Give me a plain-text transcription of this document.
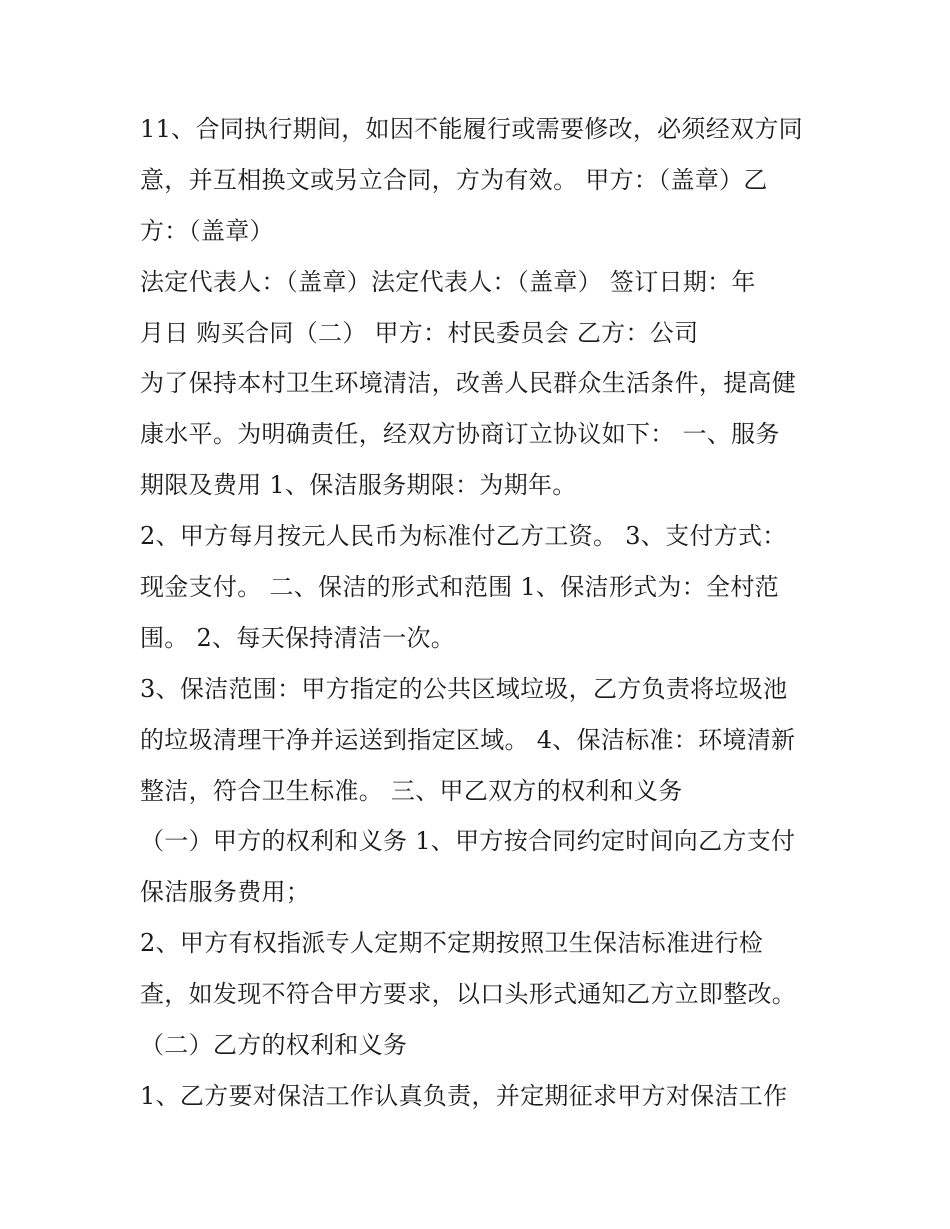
11、合同执行期间，如因不能履行或需要修改，必须经双方同
意，并互相换文或另立合同，方为有效。 甲方：（盖章）乙
方：（盖章）
法定代表人：（盖章）法定代表人：（盖章） 签订日期：年
月日 购买合同（二） 甲方：村民委员会 乙方：公司
为了保持本村卫生环境清洁，改善人民群众生活条件，提高健
康水平。为明确责任，经双方协商订立协议如下： 一、服务
期限及费用 1、保洁服务期限：为期年。
2、甲方每月按元人民币为标准付乙方工资。 3、支付方式：
现金支付。 二、保洁的形式和范围 1、保洁形式为：全村范
围。 2、每天保持清洁一次。
3、保洁范围：甲方指定的公共区域垃圾，乙方负责将垃圾池
的垃圾清理干净并运送到指定区域。 4、保洁标准：环境清新
整洁，符合卫生标准。 三、甲乙双方的权利和义务
（一）甲方的权利和义务 1、甲方按合同约定时间向乙方支付
保洁服务费用；
2、甲方有权指派专人定期不定期按照卫生保洁标准进行检
查，如发现不符合甲方要求，以口头形式通知乙方立即整改。
（二）乙方的权利和义务
1、乙方要对保洁工作认真负责，并定期征求甲方对保洁工作
